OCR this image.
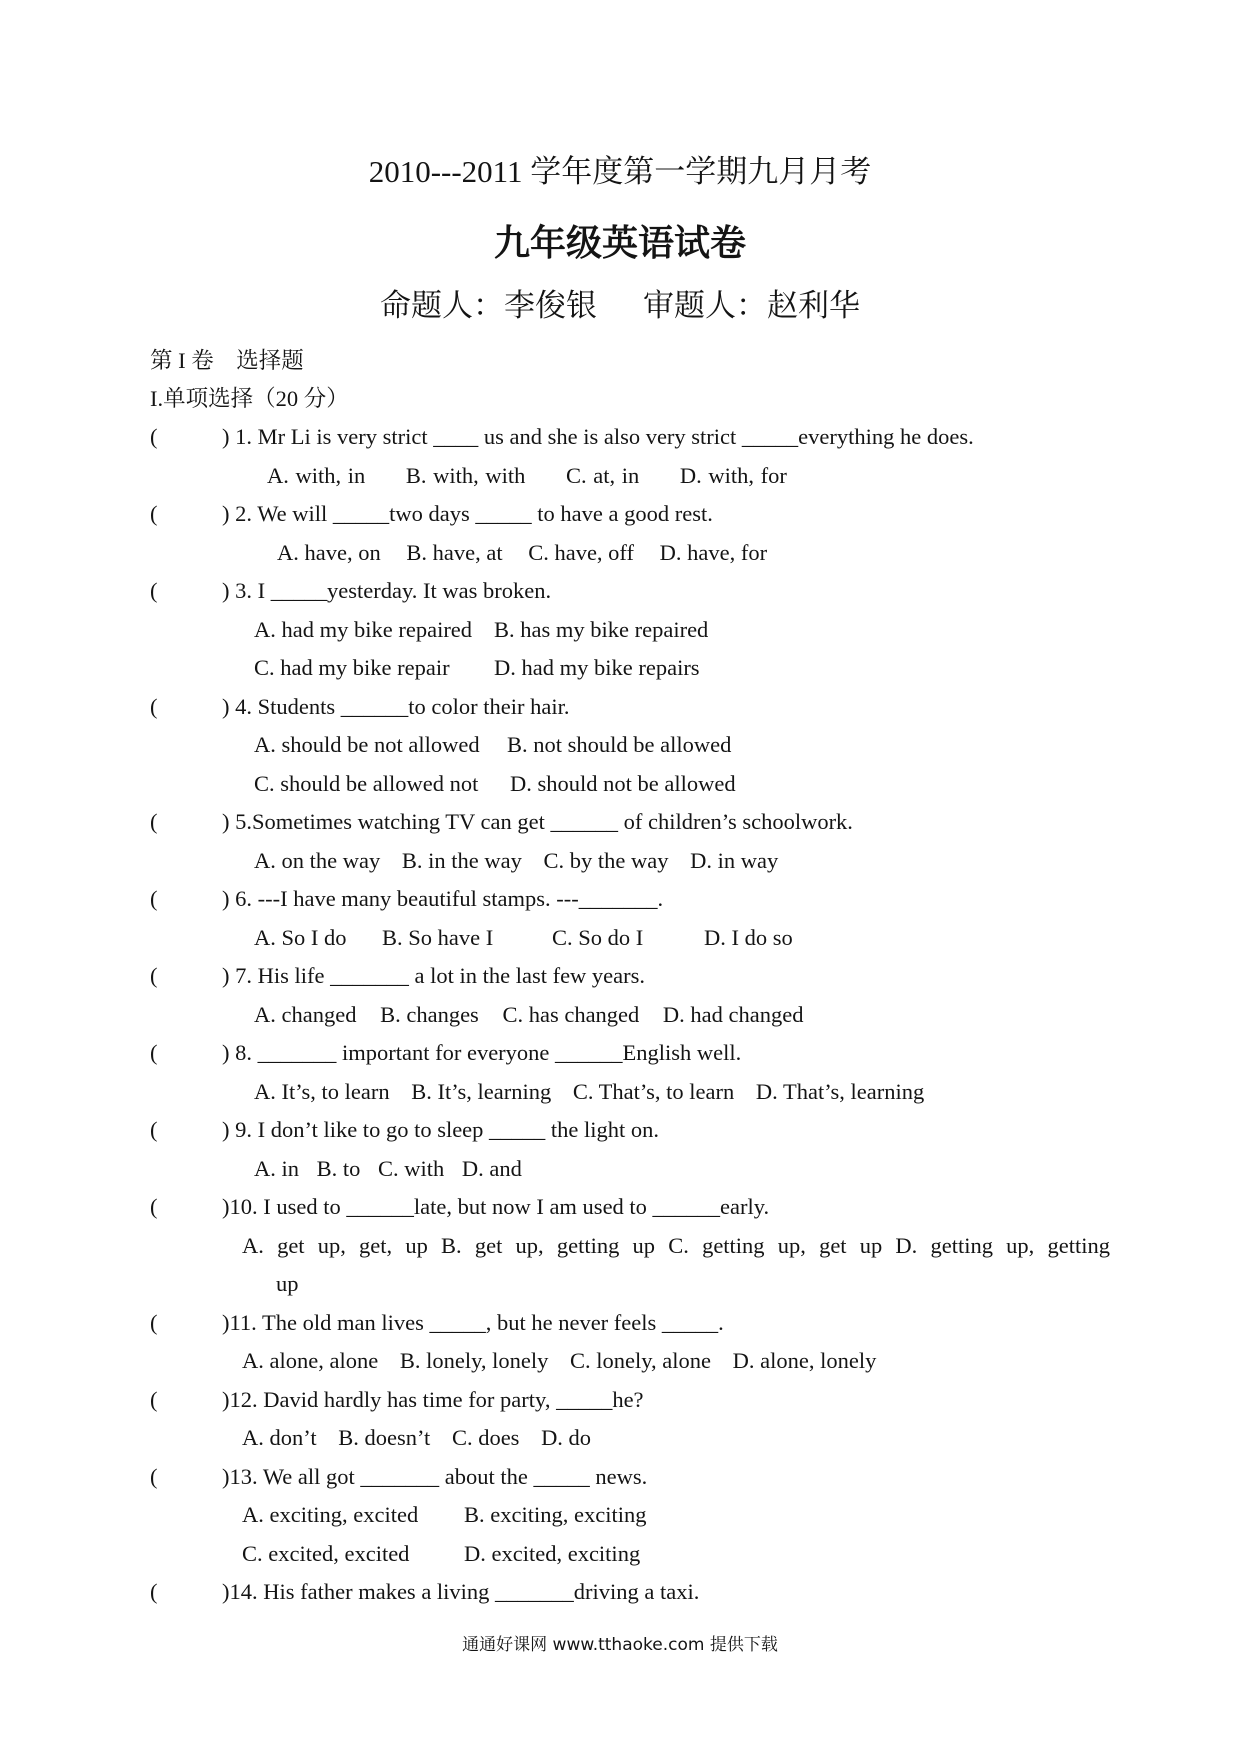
2010---2011 学年度第一学期九月月考
九年级英语试卷
命题人：李俊银 审题人：赵利华
第 I 卷　选择题
I.单项选择（20 分）
(	) 1. Mr Li is very strict ____ us and she is also very strict _____everything he does.
A. with, in B. with, with C. at, in D. with, for
(	) 2. We will _____two days _____ to have a good rest.
A. have, on B. have, at C. have, off D. have, for
(	) 3. I _____yesterday. It was broken.
A. had my bike repaired B. has my bike repaired
C. had my bike repair D. had my bike repairs
(	) 4. Students ______to color their hair.
A. should be not allowed B. not should be allowed
C. should be allowed not D. should not be allowed
(	) 5.Sometimes watching TV can get ______ of children’s schoolwork.
A. on the way B. in the way C. by the way D. in way
(	) 6. ---I have many beautiful stamps. ---_______.
A. So I do B. So have I	C. So do I	D. I do so
(	) 7. His life _______ a lot in the last few years.
A. changed B. changes C. has changed D. had changed
(	) 8. _______ important for everyone ______English well.
A. It’s, to learn B. It’s, learning C. That’s, to learn D. That’s, learning
(	) 9. I don’t like to go to sleep _____ the light on.
A. in B. to C. with D. and
(	)10. I used to ______late, but now I am used to ______early.
A. get up, get, up B. get up, getting up C. getting up, get up D. getting up, getting
up
(	)11. The old man lives _____, but he never feels _____.
A. alone, alone B. lonely, lonely C. lonely, alone D. alone, lonely
(	)12. David hardly has time for party, _____he?
A. don’t B. doesn’t C. does D. do
(	)13. We all got _______ about the _____ news.
A. exciting, excited B. exciting, exciting
C. excited, excited D. excited, exciting
(	)14. His father makes a living _______driving a taxi.
通通好课网 www.tthaoke.com 提供下载
